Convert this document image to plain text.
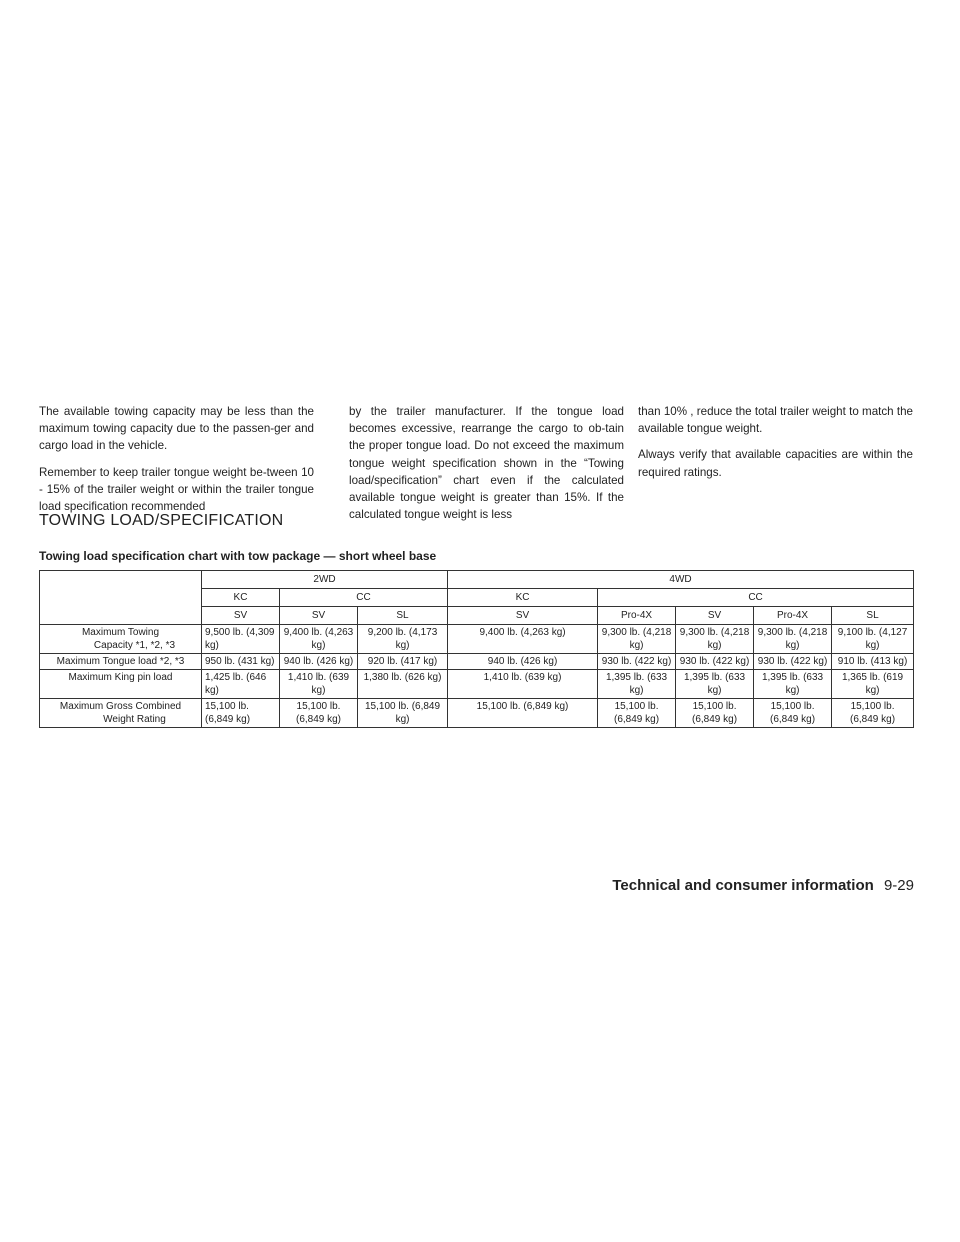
The available towing capacity may be less than the maximum towing capacity due to the passen-ger and cargo load in the vehicle.

Remember to keep trailer tongue weight be-tween 10 - 15% of the trailer weight or within the trailer tongue load specification recommended

by the trailer manufacturer. If the tongue load becomes excessive, rearrange the cargo to ob-tain the proper tongue load. Do not exceed the maximum tongue weight specification shown in the “Towing load/specification” chart even if the calculated available tongue weight is greater than 15%. If the calculated tongue weight is less

than 10% , reduce the total trailer weight to match the available tongue weight.

Always verify that available capacities are within the required ratings.

TOWING LOAD/SPECIFICATION
Towing load specification chart with tow package — short wheel base
	2WD			4WD				
	KC	CC		KC	CC			
	SV	SV	SL	SV	Pro-4X	SV	Pro-4X	SL
Maximum Towing
Capacity *1, *2, *3	9,500 lb. (4,309 kg)	9,400 lb. (4,263 kg)	9,200 lb. (4,173 kg)	9,400 lb. (4,263 kg)	9,300 lb. (4,218 kg)	9,300 lb. (4,218 kg)	9,300 lb. (4,218 kg)	9,100 lb. (4,127 kg)
Maximum Tongue load *2, *3	950 lb. (431 kg)	940 lb. (426 kg)	920 lb. (417 kg)	940 lb. (426 kg)	930 lb. (422 kg)	930 lb. (422 kg)	930 lb. (422 kg)	910 lb. (413 kg)
Maximum King pin load	1,425 lb. (646 kg)	1,410 lb. (639 kg)	1,380 lb. (626 kg)	1,410 lb. (639 kg)	1,395 lb. (633 kg)	1,395 lb. (633 kg)	1,395 lb. (633 kg)	1,365 lb. (619 kg)
Maximum Gross Combined
Weight Rating	15,100 lb. (6,849 kg)	15,100 lb. (6,849 kg)	15,100 lb. (6,849 kg)	15,100 lb. (6,849 kg)	15,100 lb. (6,849 kg)	15,100 lb. (6,849 kg)	15,100 lb. (6,849 kg)	15,100 lb. (6,849 kg)
Technical and consumer information 9-29
